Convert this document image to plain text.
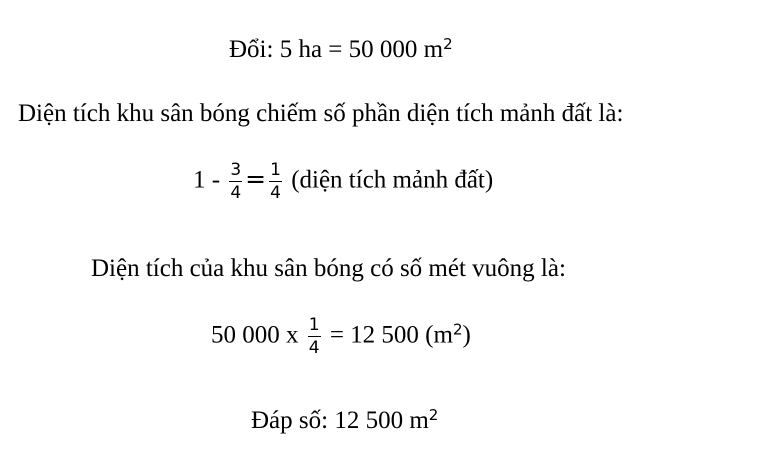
Đổi: 5 ha = 50 000 $m^2$
Diện tích khu sân bóng chiếm số phần diện tích mảnh đất là:
$1 - \frac{3}{4} = \frac{1}{4}$ (diện tích mảnh đất)
Diện tích của khu sân bóng có số mét vuông là:
50 000 x $\frac{1}{4} = 12$ 500 $(m^2)$
Đáp số: 12 500 $m^2$
